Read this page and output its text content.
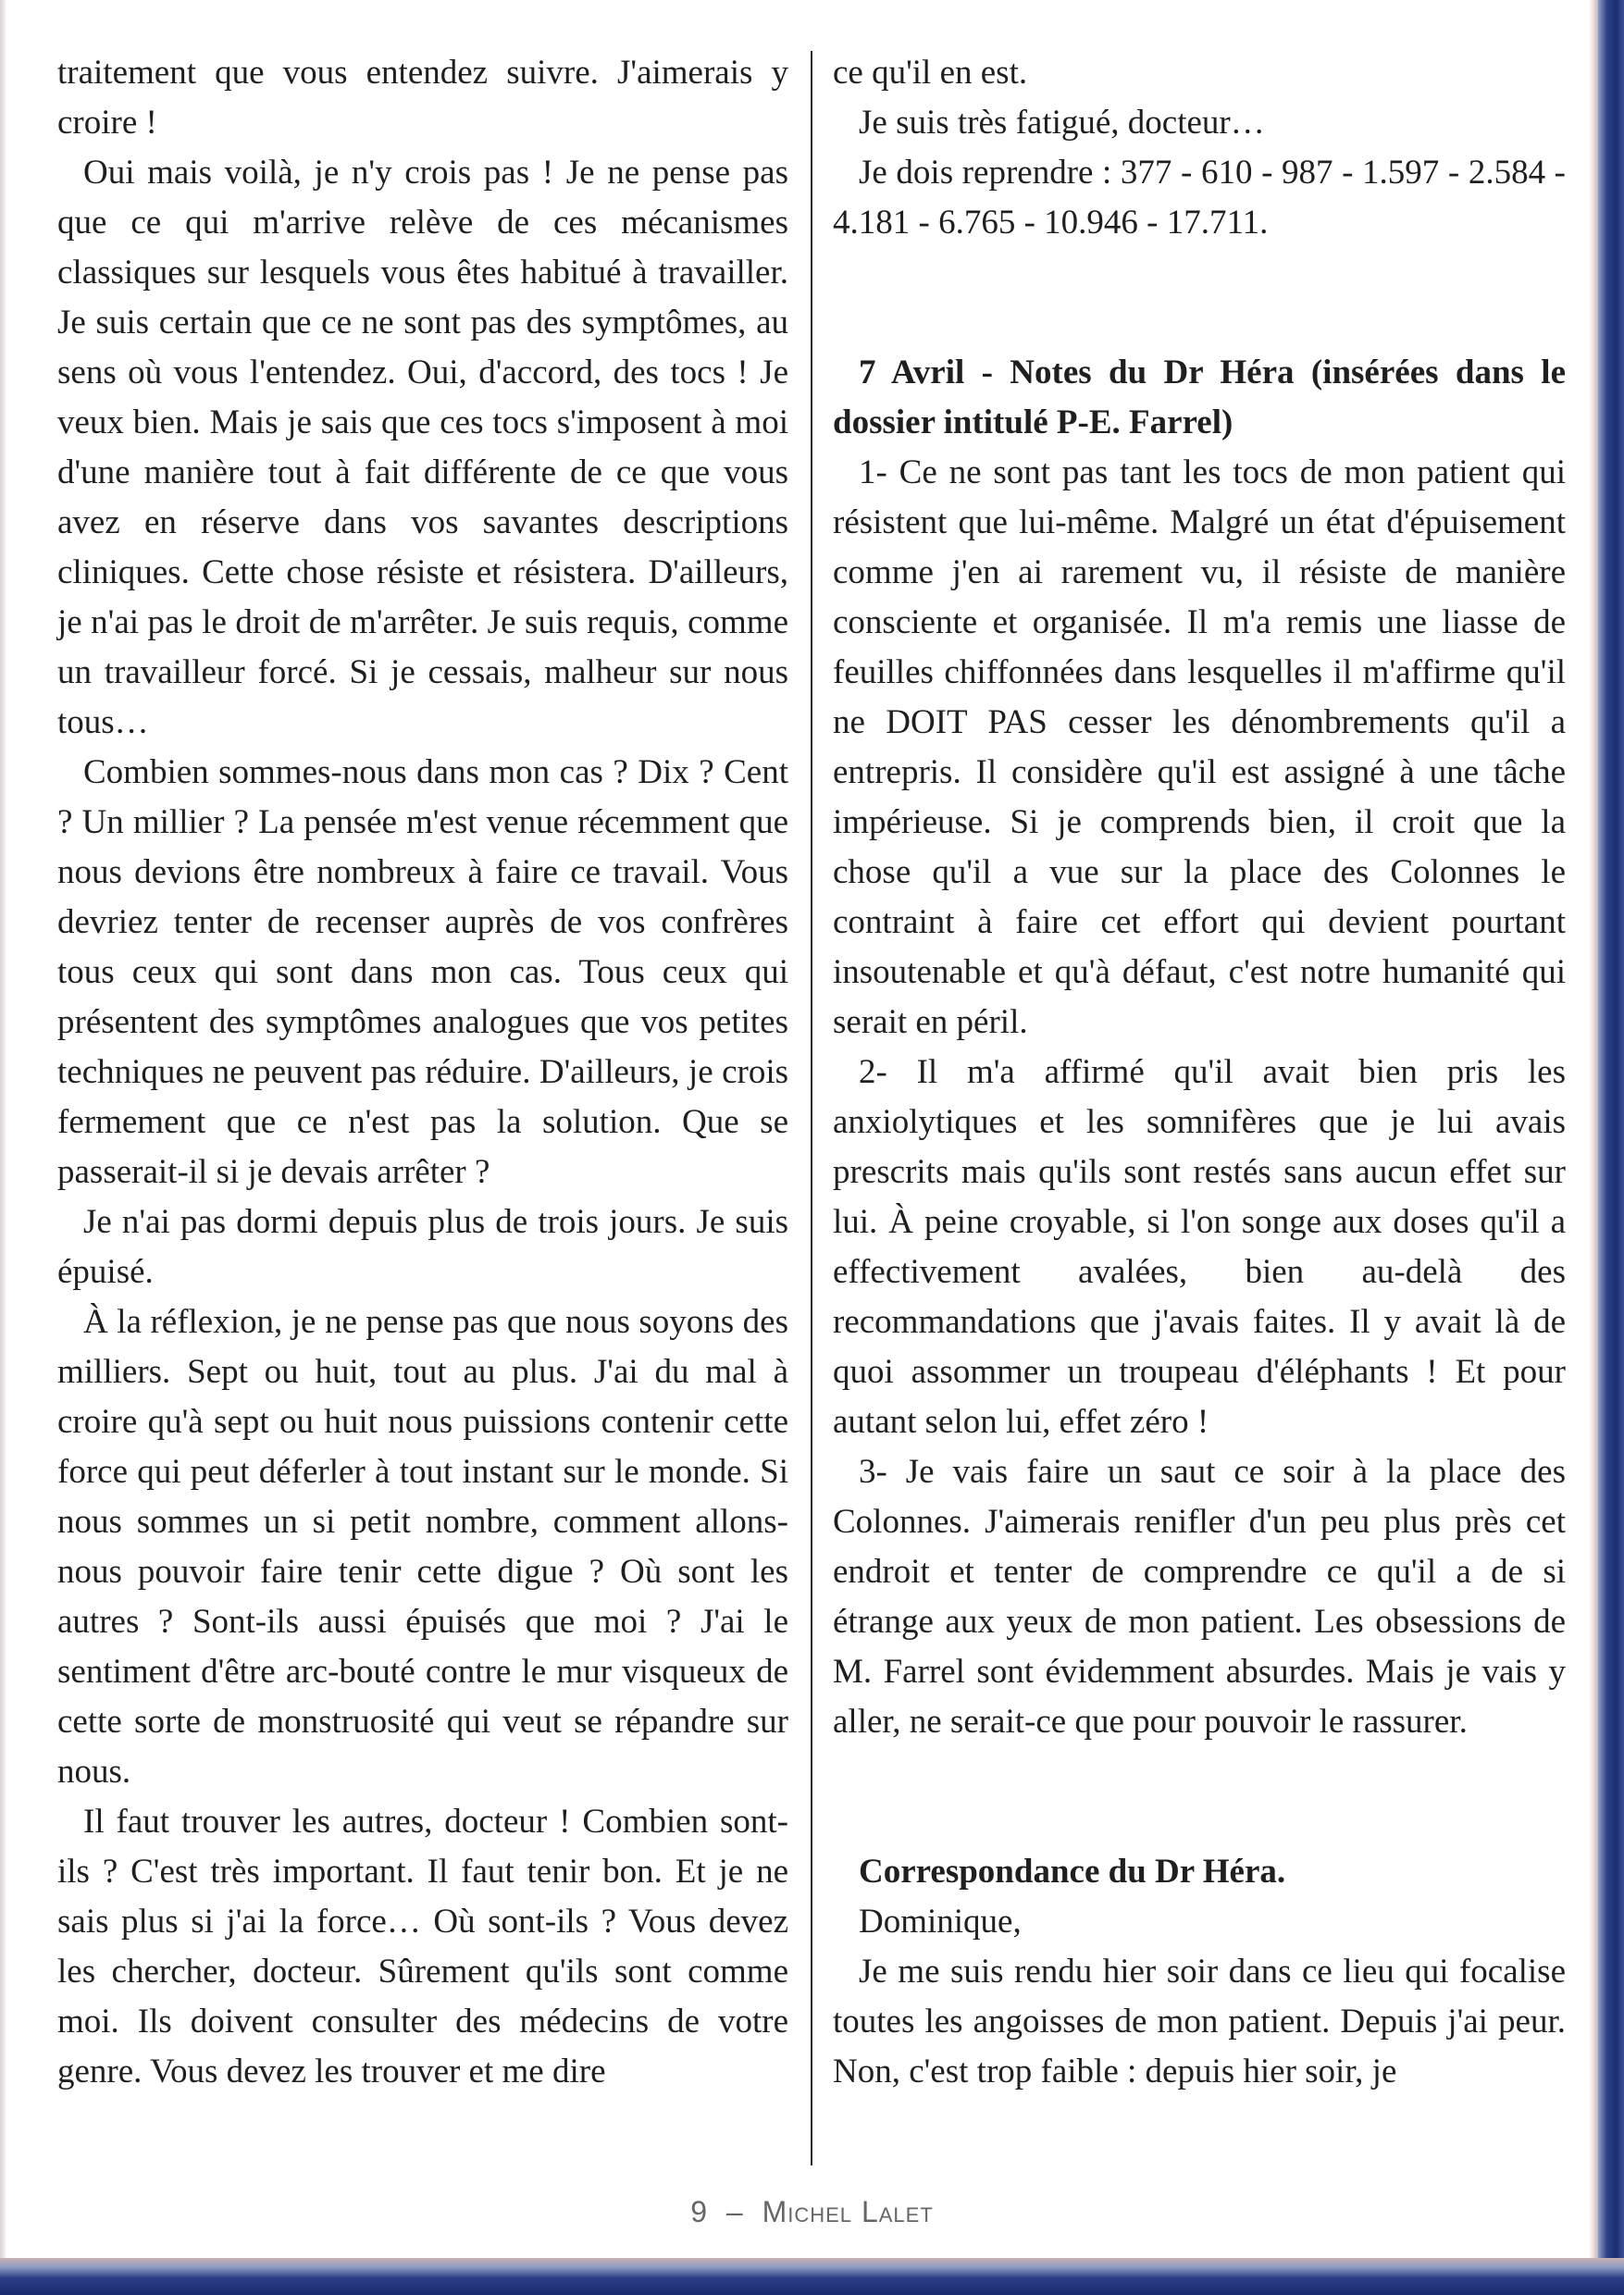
traitement que vous entendez suivre. J'aimerais y croire !

Oui mais voilà, je n'y crois pas ! Je ne pense pas que ce qui m'arrive relève de ces mécanismes classiques sur lesquels vous êtes habitué à travailler. Je suis certain que ce ne sont pas des symptômes, au sens où vous l'entendez. Oui, d'accord, des tocs ! Je veux bien. Mais je sais que ces tocs s'imposent à moi d'une manière tout à fait différente de ce que vous avez en réserve dans vos savantes descriptions cliniques. Cette chose résiste et résistera. D'ailleurs, je n'ai pas le droit de m'arrêter. Je suis requis, comme un travailleur forcé. Si je cessais, malheur sur nous tous…

Combien sommes-nous dans mon cas ? Dix ? Cent ? Un millier ? La pensée m'est venue récemment que nous devions être nombreux à faire ce travail. Vous devriez tenter de recenser auprès de vos confrères tous ceux qui sont dans mon cas. Tous ceux qui présentent des symptômes analogues que vos petites techniques ne peuvent pas réduire. D'ailleurs, je crois fermement que ce n'est pas la solution. Que se passerait-il si je devais arrêter ?

Je n'ai pas dormi depuis plus de trois jours. Je suis épuisé.

À la réflexion, je ne pense pas que nous soyons des milliers. Sept ou huit, tout au plus. J'ai du mal à croire qu'à sept ou huit nous puissions contenir cette force qui peut déferler à tout instant sur le monde. Si nous sommes un si petit nombre, comment allons-nous pouvoir faire tenir cette digue ? Où sont les autres ? Sont-ils aussi épuisés que moi ? J'ai le sentiment d'être arc-bouté contre le mur visqueux de cette sorte de monstruosité qui veut se répandre sur nous.

Il faut trouver les autres, docteur ! Combien sont-ils ? C'est très important. Il faut tenir bon. Et je ne sais plus si j'ai la force… Où sont-ils ? Vous devez les chercher, docteur. Sûrement qu'ils sont comme moi. Ils doivent consulter des médecins de votre genre. Vous devez les trouver et me dire

ce qu'il en est.

Je suis très fatigué, docteur…

Je dois reprendre : 377 - 610 - 987 - 1.597 - 2.584 - 4.181 - 6.765 - 10.946 - 17.711.

7 Avril - Notes du Dr Héra (insérées dans le dossier intitulé P-E. Farrel)

1- Ce ne sont pas tant les tocs de mon patient qui résistent que lui-même. Malgré un état d'épuisement comme j'en ai rarement vu, il résiste de manière consciente et organisée. Il m'a remis une liasse de feuilles chiffonnées dans lesquelles il m'affirme qu'il ne DOIT PAS cesser les dénombrements qu'il a entrepris. Il considère qu'il est assigné à une tâche impérieuse. Si je comprends bien, il croit que la chose qu'il a vue sur la place des Colonnes le contraint à faire cet effort qui devient pourtant insoutenable et qu'à défaut, c'est notre humanité qui serait en péril.

2- Il m'a affirmé qu'il avait bien pris les anxiolytiques et les somnifères que je lui avais prescrits mais qu'ils sont restés sans aucun effet sur lui. À peine croyable, si l'on songe aux doses qu'il a effectivement avalées, bien au-delà des recommandations que j'avais faites. Il y avait là de quoi assommer un troupeau d'éléphants ! Et pour autant selon lui, effet zéro !

3- Je vais faire un saut ce soir à la place des Colonnes. J'aimerais renifler d'un peu plus près cet endroit et tenter de comprendre ce qu'il a de si étrange aux yeux de mon patient. Les obsessions de M. Farrel sont évidemment absurdes. Mais je vais y aller, ne serait-ce que pour pouvoir le rassurer.

Correspondance du Dr Héra.

Dominique,

Je me suis rendu hier soir dans ce lieu qui focalise toutes les angoisses de mon patient. Depuis j'ai peur. Non, c'est trop faible : depuis hier soir, je

9 – Michel Lalet
